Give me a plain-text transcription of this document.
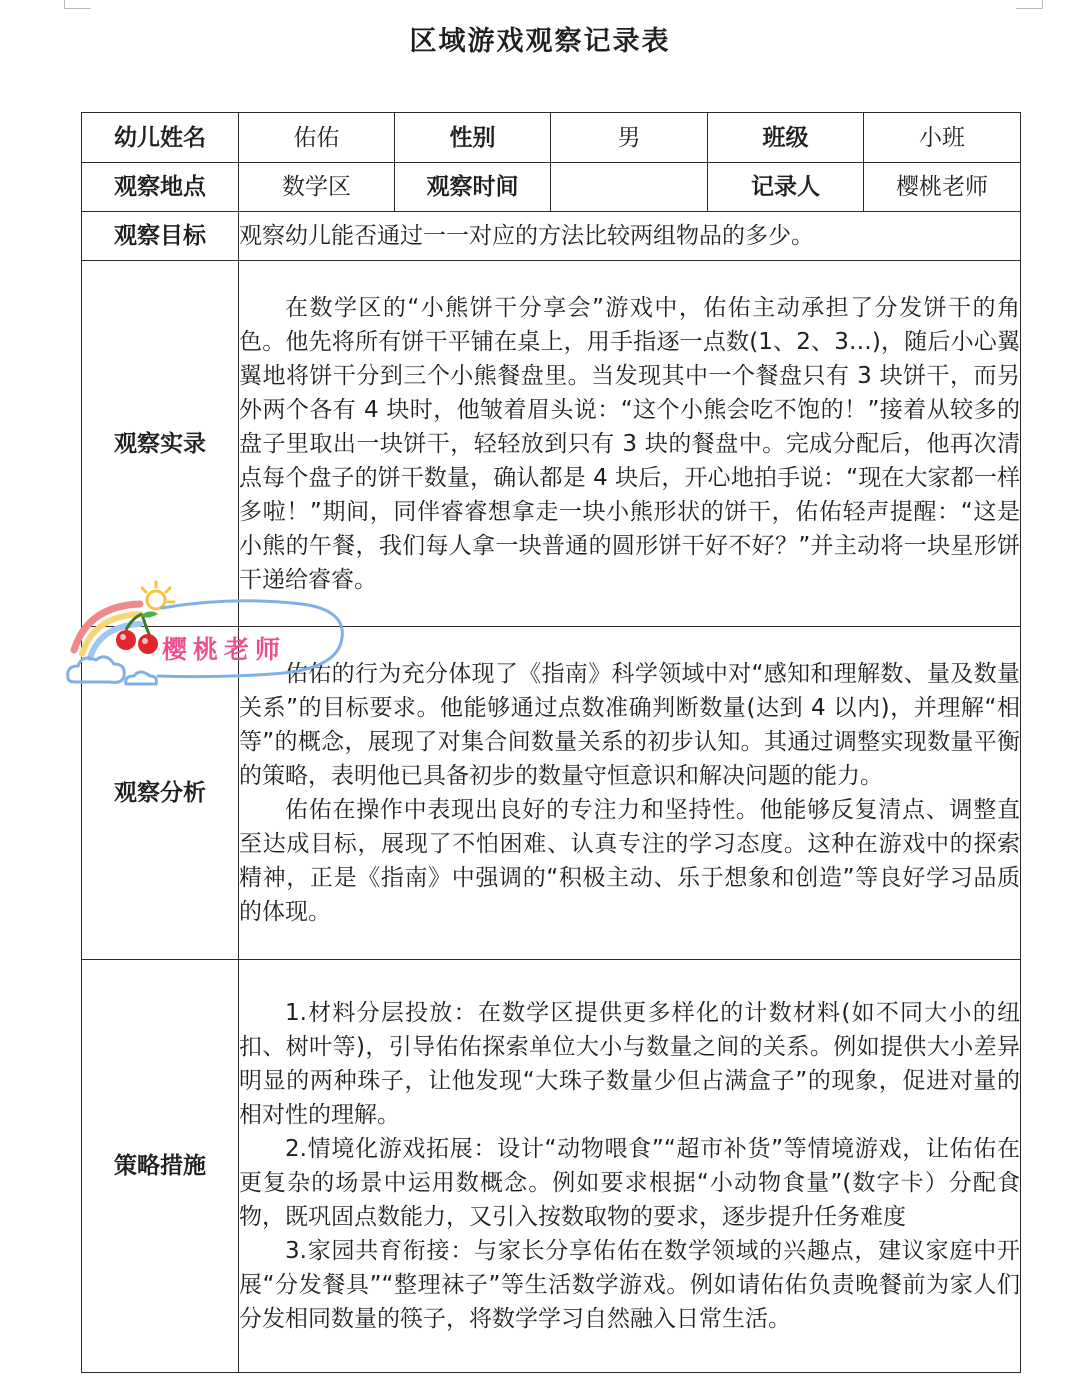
区域游戏观察记录表
幼儿姓名	佑佑	性别	男	班级	小班
观察地点	数学区	观察时间		记录人	樱桃老师
观察目标	观察幼儿能否通过一一对应的方法比较两组物品的多少。				
观察实录	在数学区的“小熊饼干分享会”游戏中，佑佑主动承担了分发饼干的角色。他先将所有饼干平铺在桌上，用手指逐一点数(1、2、3…)，随后小心翼翼地将饼干分到三个小熊餐盘里。当发现其中一个餐盘只有 3 块饼干，而另外两个各有 4 块时，他皱着眉头说：“这个小熊会吃不饱的！”接着从较多的盘子里取出一块饼干，轻轻放到只有 3 块的餐盘中。完成分配后，他再次清点每个盘子的饼干数量，确认都是 4 块后，开心地拍手说：“现在大家都一样多啦！”期间，同伴睿睿想拿走一块小熊形状的饼干，佑佑轻声提醒：“这是小熊的午餐，我们每人拿一块普通的圆形饼干好不好？”并主动将一块星形饼干递给睿睿。				

观察分析	佑佑的行为充分体现了《指南》科学领域中对“感知和理解数、量及数量关系”的目标要求。他能够通过点数准确判断数量(达到 4 以内)，并理解“相等”的概念，展现了对集合间数量关系的初步认知。其通过调整实现数量平衡的策略，表明他已具备初步的数量守恒意识和解决问题的能力。

佑佑在操作中表现出良好的专注力和坚持性。他能够反复清点、调整直至达成目标，展现了不怕困难、认真专注的学习态度。这种在游戏中的探索精神，正是《指南》中强调的“积极主动、乐于想象和创造”等良好学习品质的体现。				

策略措施	1.材料分层投放：在数学区提供更多样化的计数材料(如不同大小的纽扣、树叶等)，引导佑佑探索单位大小与数量之间的关系。例如提供大小差异明显的两种珠子，让他发现“大珠子数量少但占满盒子”的现象，促进对量的相对性的理解。

2.情境化游戏拓展：设计“动物喂食”“超市补货”等情境游戏，让佑佑在更复杂的场景中运用数概念。例如要求根据“小动物食量”(数字卡）分配食物，既巩固点数能力，又引入按数取物的要求，逐步提升任务难度

3.家园共育衔接：与家长分享佑佑在数学领域的兴趣点，建议家庭中开展“分发餐具”“整理袜子”等生活数学游戏。例如请佑佑负责晚餐前为家人们分发相同数量的筷子，将数学学习自然融入日常生活。				

樱桃老师
